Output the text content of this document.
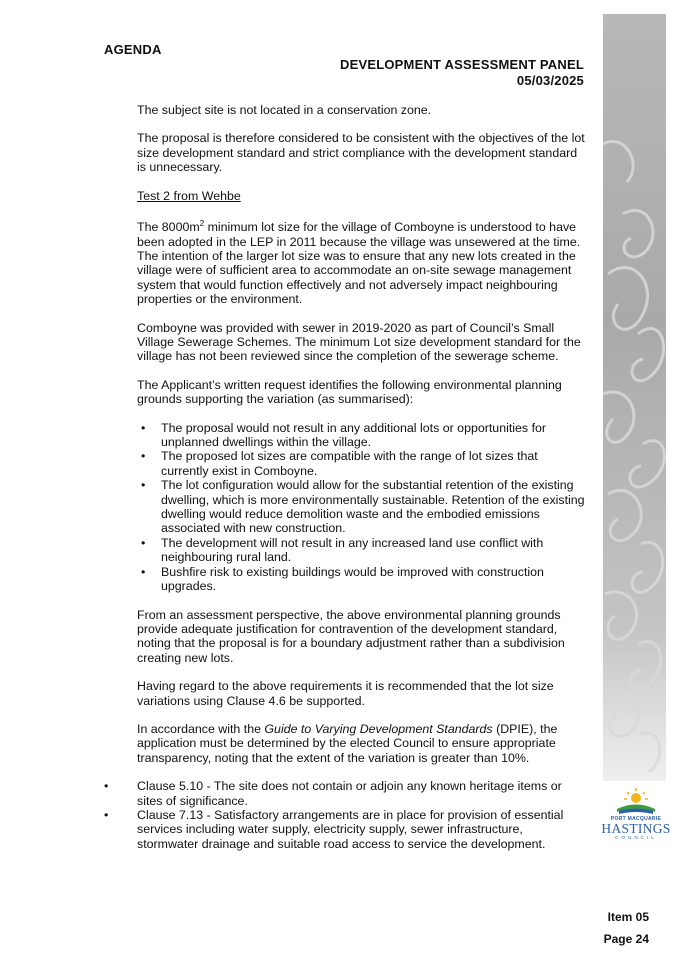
AGENDA
DEVELOPMENT ASSESSMENT PANEL
05/03/2025

The subject site is not located in a conservation zone.

The proposal is therefore considered to be consistent with the objectives of the lot size development standard and strict compliance with the development standard is unnecessary.

Test 2 from Wehbe

The $8000m^2$ minimum lot size for the village of Comboyne is understood to have been adopted in the LEP in 2011 because the village was unsewered at the time. The intention of the larger lot size was to ensure that any new lots created in the village were of sufficient area to accommodate an on-site sewage management system that would function effectively and not adversely impact neighbouring properties or the environment.

Comboyne was provided with sewer in 2019-2020 as part of Council’s Small Village Sewerage Schemes. The minimum Lot size development standard for the village has not been reviewed since the completion of the sewerage scheme.

The Applicant’s written request identifies the following environmental planning grounds supporting the variation (as summarised):

• The proposal would not result in any additional lots or opportunities for unplanned dwellings within the village.
• The proposed lot sizes are compatible with the range of lot sizes that currently exist in Comboyne.
• The lot configuration would allow for the substantial retention of the existing dwelling, which is more environmentally sustainable. Retention of the existing dwelling would reduce demolition waste and the embodied emissions associated with new construction.
• The development will not result in any increased land use conflict with neighbouring rural land.
• Bushfire risk to existing buildings would be improved with construction upgrades.

From an assessment perspective, the above environmental planning grounds provide adequate justification for contravention of the development standard, noting that the proposal is for a boundary adjustment rather than a subdivision creating new lots.

Having regard to the above requirements it is recommended that the lot size variations using Clause 4.6 be supported.

In accordance with the Guide to Varying Development Standards (DPIE), the application must be determined by the elected Council to ensure appropriate transparency, noting that the extent of the variation is greater than 10%.

• Clause 5.10 - The site does not contain or adjoin any known heritage items or sites of significance.
• Clause 7.13 - Satisfactory arrangements are in place for provision of essential services including water supply, electricity supply, sewer infrastructure, stormwater drainage and suitable road access to service the development.
PORT MACQUARIE
HASTINGS
COUNCIL
Item 05
Page 24
